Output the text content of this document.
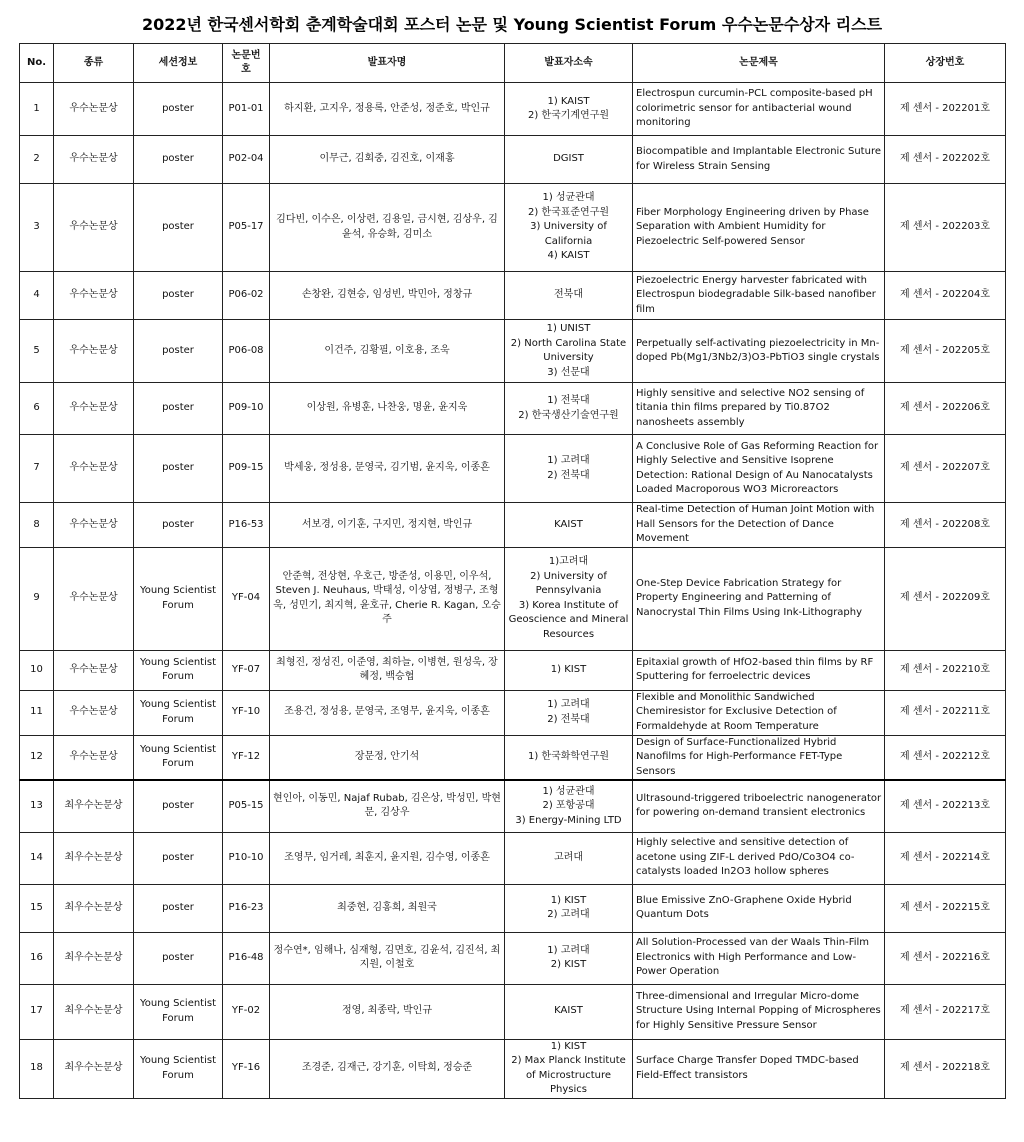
2022년 한국센서학회 춘계학술대회 포스터 논문 및 Young Scientist Forum 우수논문수상자 리스트
No.	종류	세션정보	논문번호	발표자명	발표자소속	논문제목	상장번호
1	우수논문상	poster	P01-01	하지환, 고지우, 정용록, 안준성, 정준호, 박인규	1) KAIST
2) 한국기계연구원	Electrospun curcumin-PCL composite-based pH colorimetric sensor for antibacterial wound monitoring	제 센서 - 202201호
2	우수논문상	poster	P02-04	이무근, 김회중, 김진호, 이재홍	DGIST	Biocompatible and Implantable Electronic Suture for Wireless Strain Sensing	제 센서 - 202202호
3	우수논문상	poster	P05-17	김다빈, 이수은, 이상련, 김용일, 금시현, 김상우, 김윤석, 유승화, 김미소	1) 성균관대
2) 한국표준연구원
3) University of California
4) KAIST	Fiber Morphology Engineering driven by Phase Separation with Ambient Humidity for Piezoelectric Self-powered Sensor	제 센서 - 202203호
4	우수논문상	poster	P06-02	손창완, 김현승, 임성빈, 박민아, 정창규	전북대	Piezoelectric Energy harvester fabricated with Electrospun biodegradable Silk-based nanofiber film	제 센서 - 202204호
5	우수논문상	poster	P06-08	이건주, 김황필, 이호용, 조욱	1) UNIST
2) North Carolina State University
3) 선문대	Perpetually self-activating piezoelectricity in Mn-doped Pb(Mg1/3Nb2/3)O3-PbTiO3 single crystals	제 센서 - 202205호
6	우수논문상	poster	P09-10	이상원, 유병훈, 나찬웅, 명윤, 윤지욱	1) 전북대
2) 한국생산기술연구원	Highly sensitive and selective NO2 sensing of titania thin films prepared by Ti0.87O2 nanosheets assembly	제 센서 - 202206호
7	우수논문상	poster	P09-15	박세웅, 정성용, 문영국, 김기범, 윤지욱, 이종흔	1) 고려대
2) 전북대	A Conclusive Role of Gas Reforming Reaction for Highly Selective and Sensitive Isoprene Detection: Rational Design of Au Nanocatalysts Loaded Macroporous WO3 Microreactors	제 센서 - 202207호
8	우수논문상	poster	P16-53	서보경, 이기훈, 구지민, 정지현, 박인규	KAIST	Real-time Detection of Human Joint Motion with Hall Sensors for the Detection of Dance Movement	제 센서 - 202208호
9	우수논문상	Young Scientist Forum	YF-04	안준혁, 전상현, 우호근, 방준성, 이용민, 이우석, Steven J. Neuhaus, 박태성, 이상엽, 정병구, 조형욱, 성민기, 최지혁, 윤호규, Cherie R. Kagan, 오승주	1)고려대
2) University of Pennsylvania
3) Korea Institute of Geoscience and Mineral Resources	One-Step Device Fabrication Strategy for Property Engineering and Patterning of Nanocrystal Thin Films Using Ink-Lithography	제 센서 - 202209호
10	우수논문상	Young Scientist Forum	YF-07	최형진, 정성진, 이준영, 최하늘, 이병현, 원성욱, 장혜정, 백승협	1) KIST	Epitaxial growth of HfO2-based thin films by RF Sputtering for ferroelectric devices	제 센서 - 202210호
11	우수논문상	Young Scientist Forum	YF-10	조용건, 정성용, 문영국, 조영무, 윤지욱, 이종흔	1) 고려대
2) 전북대	Flexible and Monolithic Sandwiched Chemiresistor for Exclusive Detection of Formaldehyde at Room Temperature	제 센서 - 202211호
12	우수논문상	Young Scientist Forum	YF-12	장문정, 안기석	1) 한국화학연구원	Design of Surface-Functionalized Hybrid Nanofilms for High-Performance FET-Type Sensors	제 센서 - 202212호
13	최우수논문상	poster	P05-15	현인아, 이동민, Najaf Rubab, 김은상, 박성민, 박현문, 김상우	1) 성균관대
2) 포항공대
3) Energy-Mining LTD	Ultrasound-triggered triboelectric nanogenerator for powering on-demand transient electronics	제 센서 - 202213호
14	최우수논문상	poster	P10-10	조영무, 임거레, 최훈지, 윤지원, 김수영, 이종흔	고려대	Highly selective and sensitive detection of acetone using ZIF-L derived PdO/Co3O4 co-catalysts loaded In2O3 hollow spheres	제 센서 - 202214호
15	최우수논문상	poster	P16-23	최중현, 김홍희, 최원국	1) KIST
2) 고려대	Blue Emissive ZnO-Graphene Oxide Hybrid Quantum Dots	제 센서 - 202215호
16	최우수논문상	poster	P16-48	정수연*, 임해나, 심재형, 김면호, 김윤석, 김진석, 최지원, 이철호	1) 고려대
2) KIST	All Solution-Processed van der Waals Thin-Film Electronics with High Performance and Low-Power Operation	제 센서 - 202216호
17	최우수논문상	Young Scientist Forum	YF-02	정영, 최종락, 박인규	KAIST	Three-dimensional and Irregular Micro-dome Structure Using Internal Popping of Microspheres for Highly Sensitive Pressure Sensor	제 센서 - 202217호
18	최우수논문상	Young Scientist Forum	YF-16	조경준, 김재근, 강기훈, 이탁희, 정승준	1) KIST
2) Max Planck Institute of Microstructure Physics	Surface Charge Transfer Doped TMDC-based Field-Effect transistors	제 센서 - 202218호
